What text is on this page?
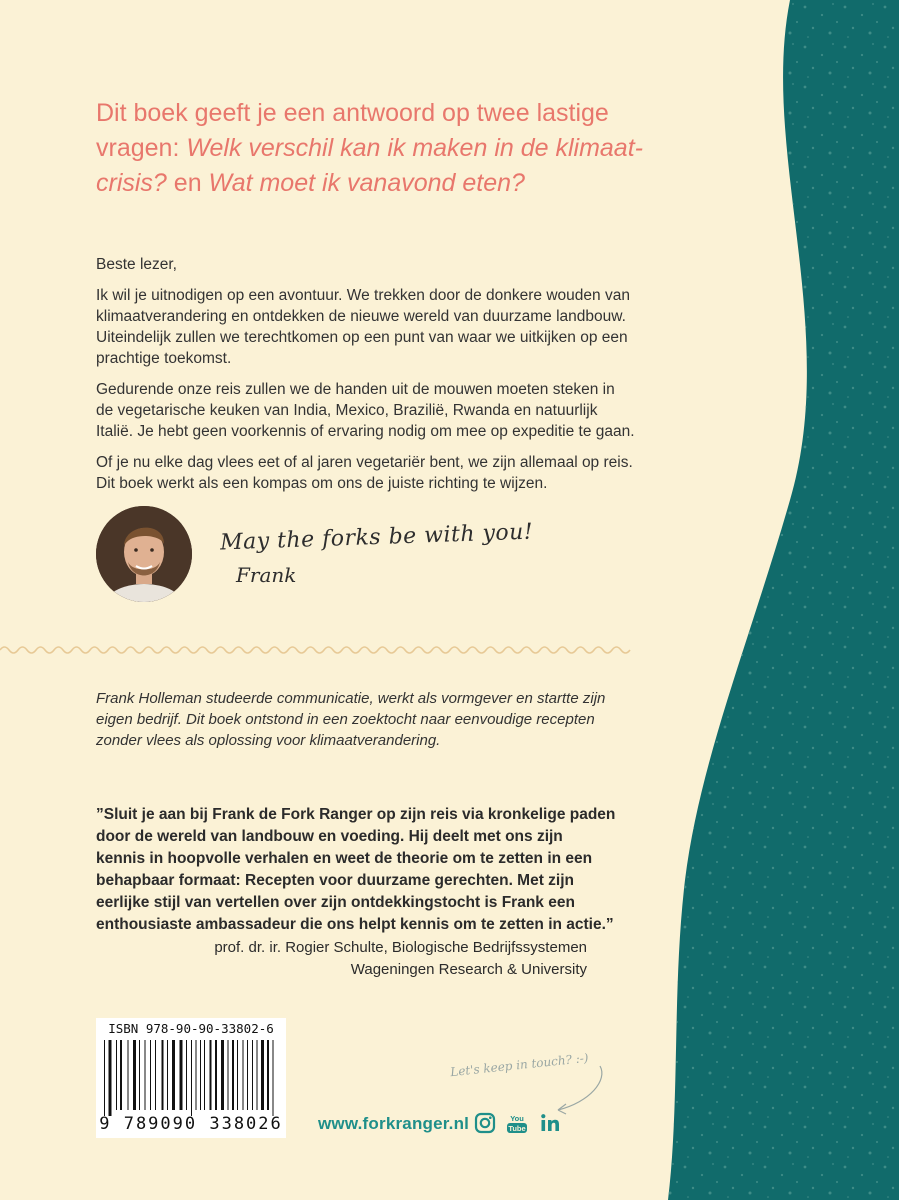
Dit boek geeft je een antwoord op twee lastige vragen: Welk verschil kan ik maken in de klimaat-crisis? en Wat moet ik vanavond eten?

Beste lezer,

Ik wil je uitnodigen op een avontuur. We trekken door de donkere wouden van klimaatverandering en ontdekken de nieuwe wereld van duurzame landbouw. Uiteindelijk zullen we terechtkomen op een punt van waar we uitkijken op een prachtige toekomst.

Gedurende onze reis zullen we de handen uit de mouwen moeten steken in de vegetarische keuken van India, Mexico, Brazilië, Rwanda en natuurlijk Italië. Je hebt geen voorkennis of ervaring nodig om mee op expeditie te gaan.

Of je nu elke dag vlees eet of al jaren vegetariër bent, we zijn allemaal op reis. Dit boek werkt als een kompas om ons de juiste richting te wijzen.

May the forks be with you!
Frank

Frank Holleman studeerde communicatie, werkt als vormgever en startte zijn eigen bedrijf. Dit boek ontstond in een zoektocht naar eenvoudige recepten zonder vlees als oplossing voor klimaatverandering.

”Sluit je aan bij Frank de Fork Ranger op zijn reis via kronkelige paden door de wereld van landbouw en voeding. Hij deelt met ons zijn kennis in hoopvolle verhalen en weet de theorie om te zetten in een behapbaar formaat: Recepten voor duurzame gerechten. Met zijn eerlijke stijl van vertellen over zijn ontdekkingstocht is Frank een enthousiaste ambassadeur die ons helpt kennis om te zetten in actie.”

prof. dr. ir. Rogier Schulte, Biologische Bedrijfssystemen
Wageningen Research & University
ISBN 978-90-90-33802-6
9 789090 338026
Let's keep in touch? :-)
www.forkranger.nl	You
Tube
